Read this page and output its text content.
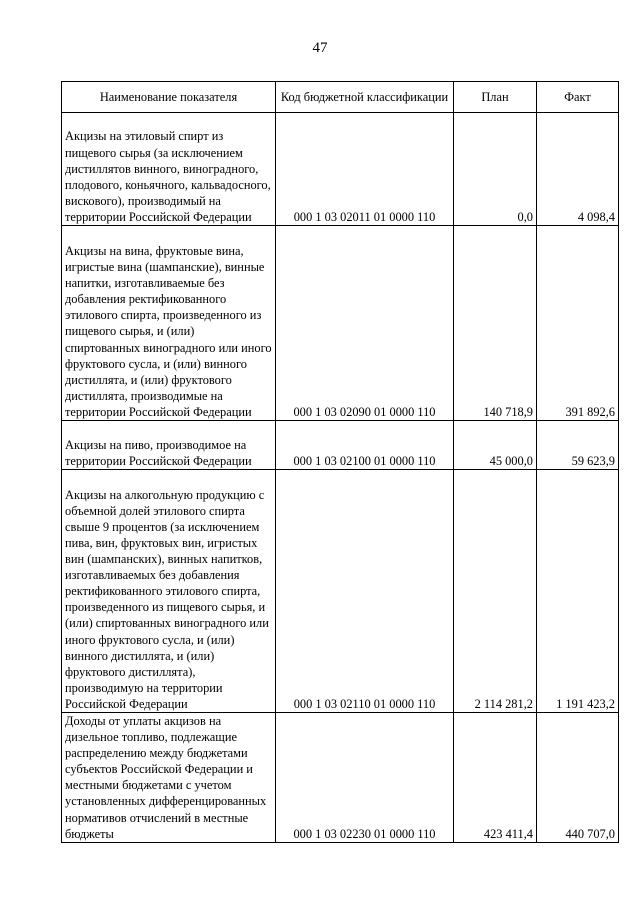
47
Наименование показателя	Код бюджетной классификации	План	Факт
Акцизы на этиловый спирт из пищевого сырья (за исключением дистиллятов винного, виноградного, плодового, коньячного, кальвадосного, вискового), производимый на территории Российской Федерации	000 1 03 02011 01 0000 110	0,0	4 098,4
Акцизы на вина, фруктовые вина, игристые вина (шампанские), винные напитки, изготавливаемые без добавления ректификованного этилового спирта, произведенного из пищевого сырья, и (или) спиртованных виноградного или иного фруктового сусла, и (или) винного дистиллята, и (или) фруктового дистиллята, производимые на территории Российской Федерации	000 1 03 02090 01 0000 110	140 718,9	391 892,6
Акцизы на пиво, производимое на территории Российской Федерации	000 1 03 02100 01 0000 110	45 000,0	59 623,9
Акцизы на алкогольную продукцию с объемной долей этилового спирта свыше 9 процентов (за исключением пива, вин, фруктовых вин, игристых вин (шампанских), винных напитков, изготавливаемых без добавления ректификованного этилового спирта, произведенного из пищевого сырья, и (или) спиртованных виноградного или иного фруктового сусла, и (или) винного дистиллята, и (или) фруктового дистиллята), производимую на территории Российской Федерации	000 1 03 02110 01 0000 110	2 114 281,2	1 191 423,2
Доходы от уплаты акцизов на дизельное топливо, подлежащие распределению между бюджетами субъектов Российской Федерации и местными бюджетами с учетом установленных дифференцированных нормативов отчислений в местные бюджеты	000 1 03 02230 01 0000 110	423 411,4	440 707,0
